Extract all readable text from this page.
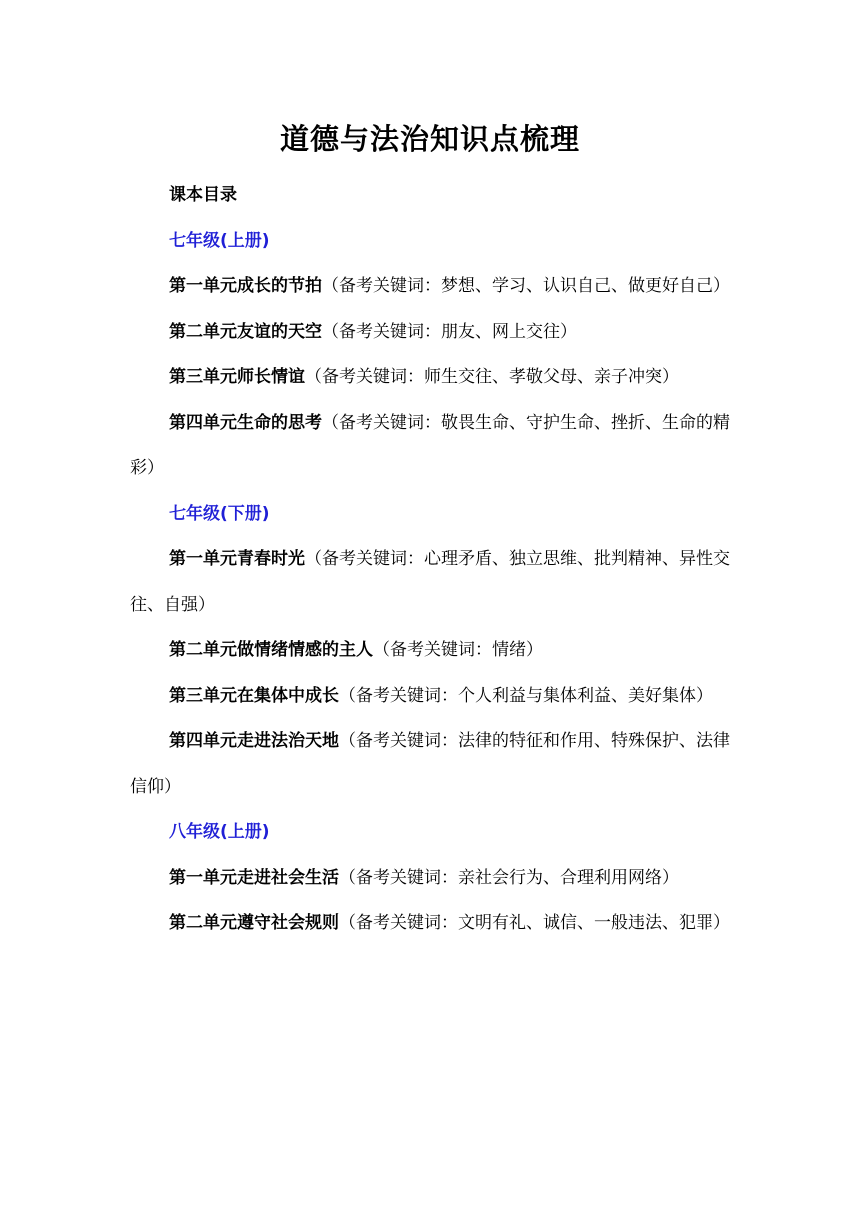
道德与法治知识点梳理

课本目录

七年级(上册)

第一单元成长的节拍（备考关键词：梦想、学习、认识自己、做更好自己）

第二单元友谊的天空（备考关键词：朋友、网上交往）

第三单元师长情谊（备考关键词：师生交往、孝敬父母、亲子冲突）

第四单元生命的思考（备考关键词：敬畏生命、守护生命、挫折、生命的精彩）

七年级(下册)

第一单元青春时光（备考关键词：心理矛盾、独立思维、批判精神、异性交往、自强）

第二单元做情绪情感的主人（备考关键词：情绪）

第三单元在集体中成长（备考关键词：个人利益与集体利益、美好集体）

第四单元走进法治天地（备考关键词：法律的特征和作用、特殊保护、法律信仰）

八年级(上册)

第一单元走进社会生活（备考关键词：亲社会行为、合理利用网络）

第二单元遵守社会规则（备考关键词：文明有礼、诚信、一般违法、犯罪）
